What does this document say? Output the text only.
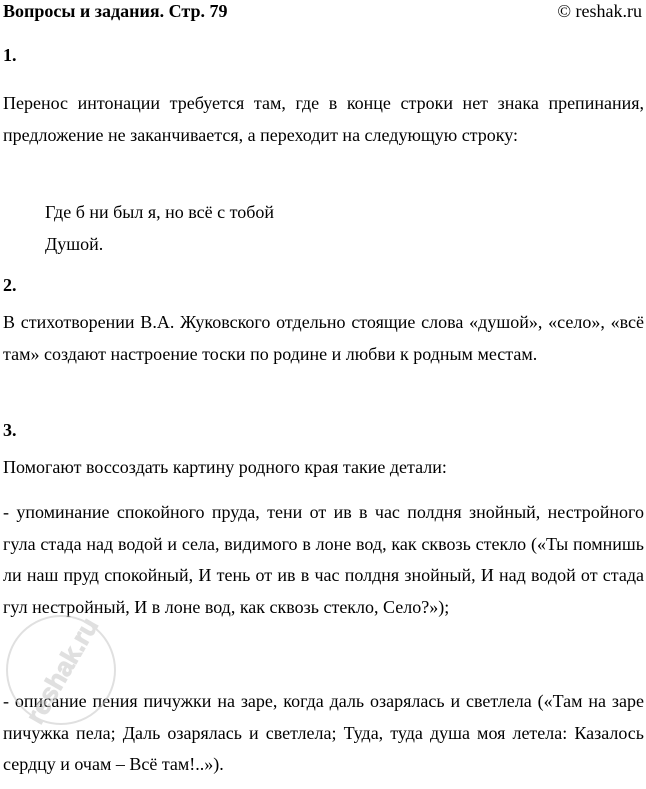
Вопросы и задания. Стр. 79	© reshak.ru
1.
Перенос интонации требуется там, где в конце строки нет знака препинания, предложение не заканчивается, а переходит на следующую строку:
Где б ни был я, но всё с тобой
Душой.
2.
В стихотворении В.А. Жуковского отдельно стоящие слова «душой», «село», «всё там» создают настроение тоски по родине и любви к родным местам.
3.
Помогают воссоздать картину родного края такие детали:
- упоминание спокойного пруда, тени от ив в час полдня знойный, нестройного гула стада над водой и села, видимого в лоне вод, как сквозь стекло («Ты помнишь ли наш пруд спокойный, И тень от ив в час полдня знойный, И над водой от стада гул нестройный, И в лоне вод, как сквозь стекло, Село?»);
- описание пения пичужки на заре, когда даль озарялась и светлела («Там на заре пичужка пела; Даль озарялась и светлела; Туда, туда душа моя летела: Казалось сердцу и очам – Всё там!..»).
reshak.ru
